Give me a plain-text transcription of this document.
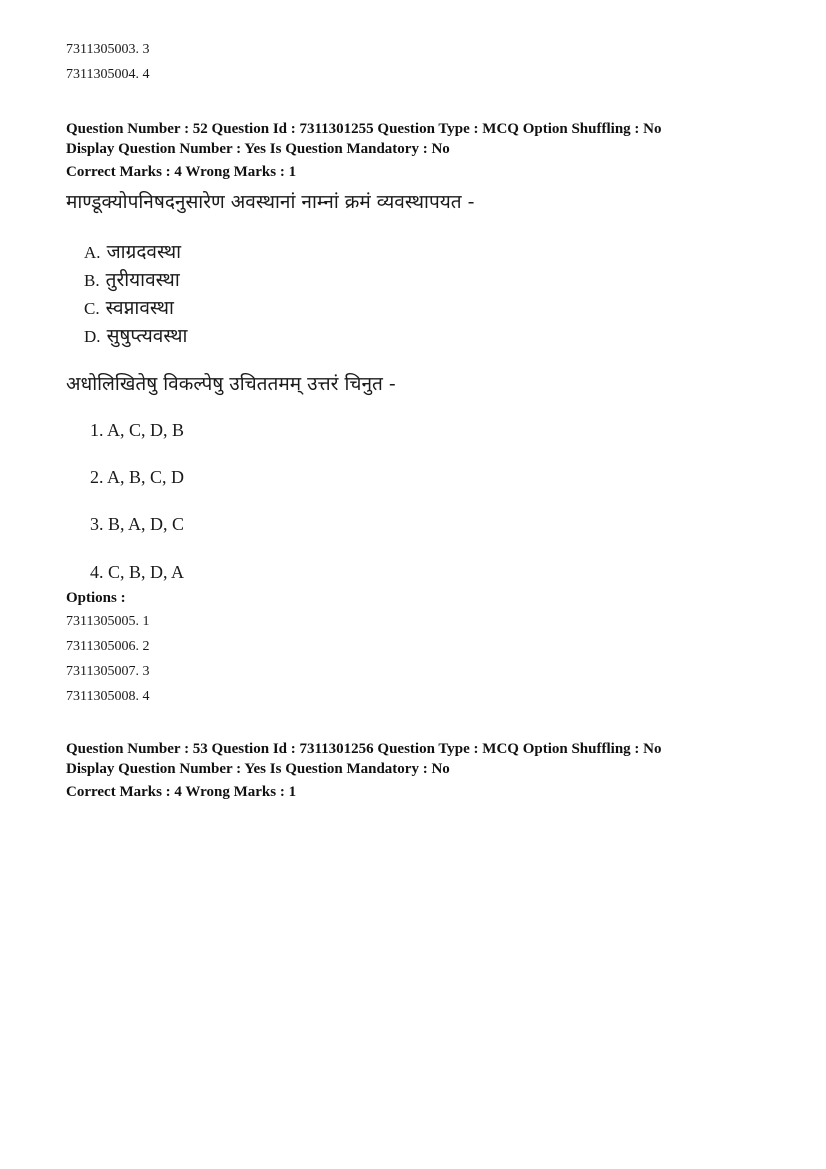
7311305003. 3
7311305004. 4
Question Number : 52 Question Id : 7311301255 Question Type : MCQ Option Shuffling : No
Display Question Number : Yes Is Question Mandatory : No
Correct Marks : 4 Wrong Marks : 1
माण्डूक्योपनिषदनुसारेण अवस्थानां नाम्नां क्रमं व्यवस्थापयत -
A. जाग्रदवस्था
B. तुरीयावस्था
C. स्वप्नावस्था
D. सुषुप्त्यवस्था
अधोलिखितेषु विकल्पेषु उचिततमम् उत्तरं चिनुत -
1. A, C, D, B
2. A, B, C, D
3. B, A, D, C
4. C, B, D, A
Options :
7311305005. 1
7311305006. 2
7311305007. 3
7311305008. 4
Question Number : 53 Question Id : 7311301256 Question Type : MCQ Option Shuffling : No
Display Question Number : Yes Is Question Mandatory : No
Correct Marks : 4 Wrong Marks : 1
